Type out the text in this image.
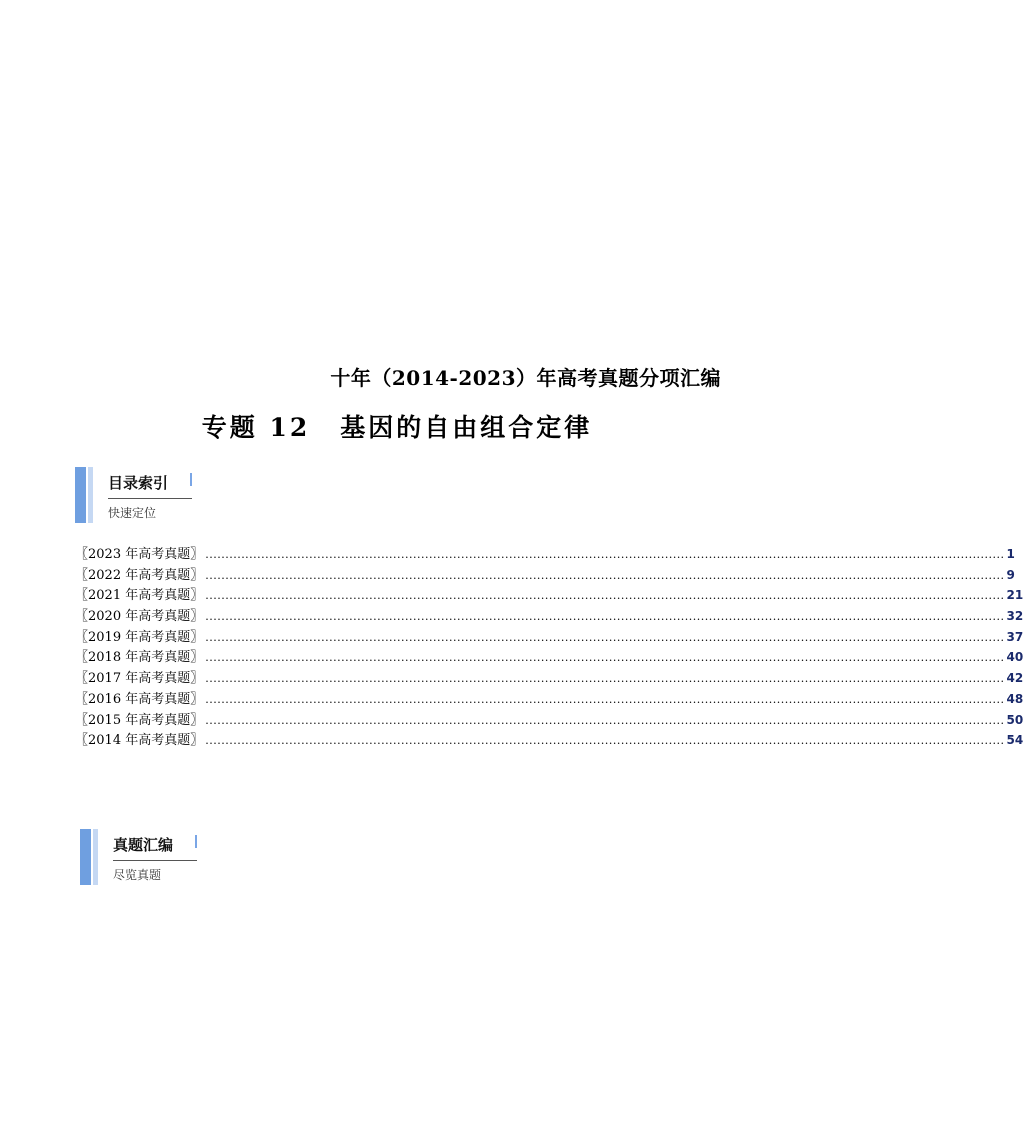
十年（2014-2023）年高考真题分项汇编
专题 12 基因的自由组合定律
目录索引
快速定位
〖2023 年高考真题〗 ........................................................................................................................................................................................................ 1
〖2022 年高考真题〗 ........................................................................................................................................................................................................ 9
〖2021 年高考真题〗 ........................................................................................................................................................................................................ 21
〖2020 年高考真题〗 ........................................................................................................................................................................................................ 32
〖2019 年高考真题〗 ........................................................................................................................................................................................................ 37
〖2018 年高考真题〗 ........................................................................................................................................................................................................ 40
〖2017 年高考真题〗 ........................................................................................................................................................................................................ 42
〖2016 年高考真题〗 ........................................................................................................................................................................................................ 48
〖2015 年高考真题〗 ........................................................................................................................................................................................................ 50
〖2014 年高考真题〗 ........................................................................................................................................................................................................ 54
真题汇编
尽览真题
